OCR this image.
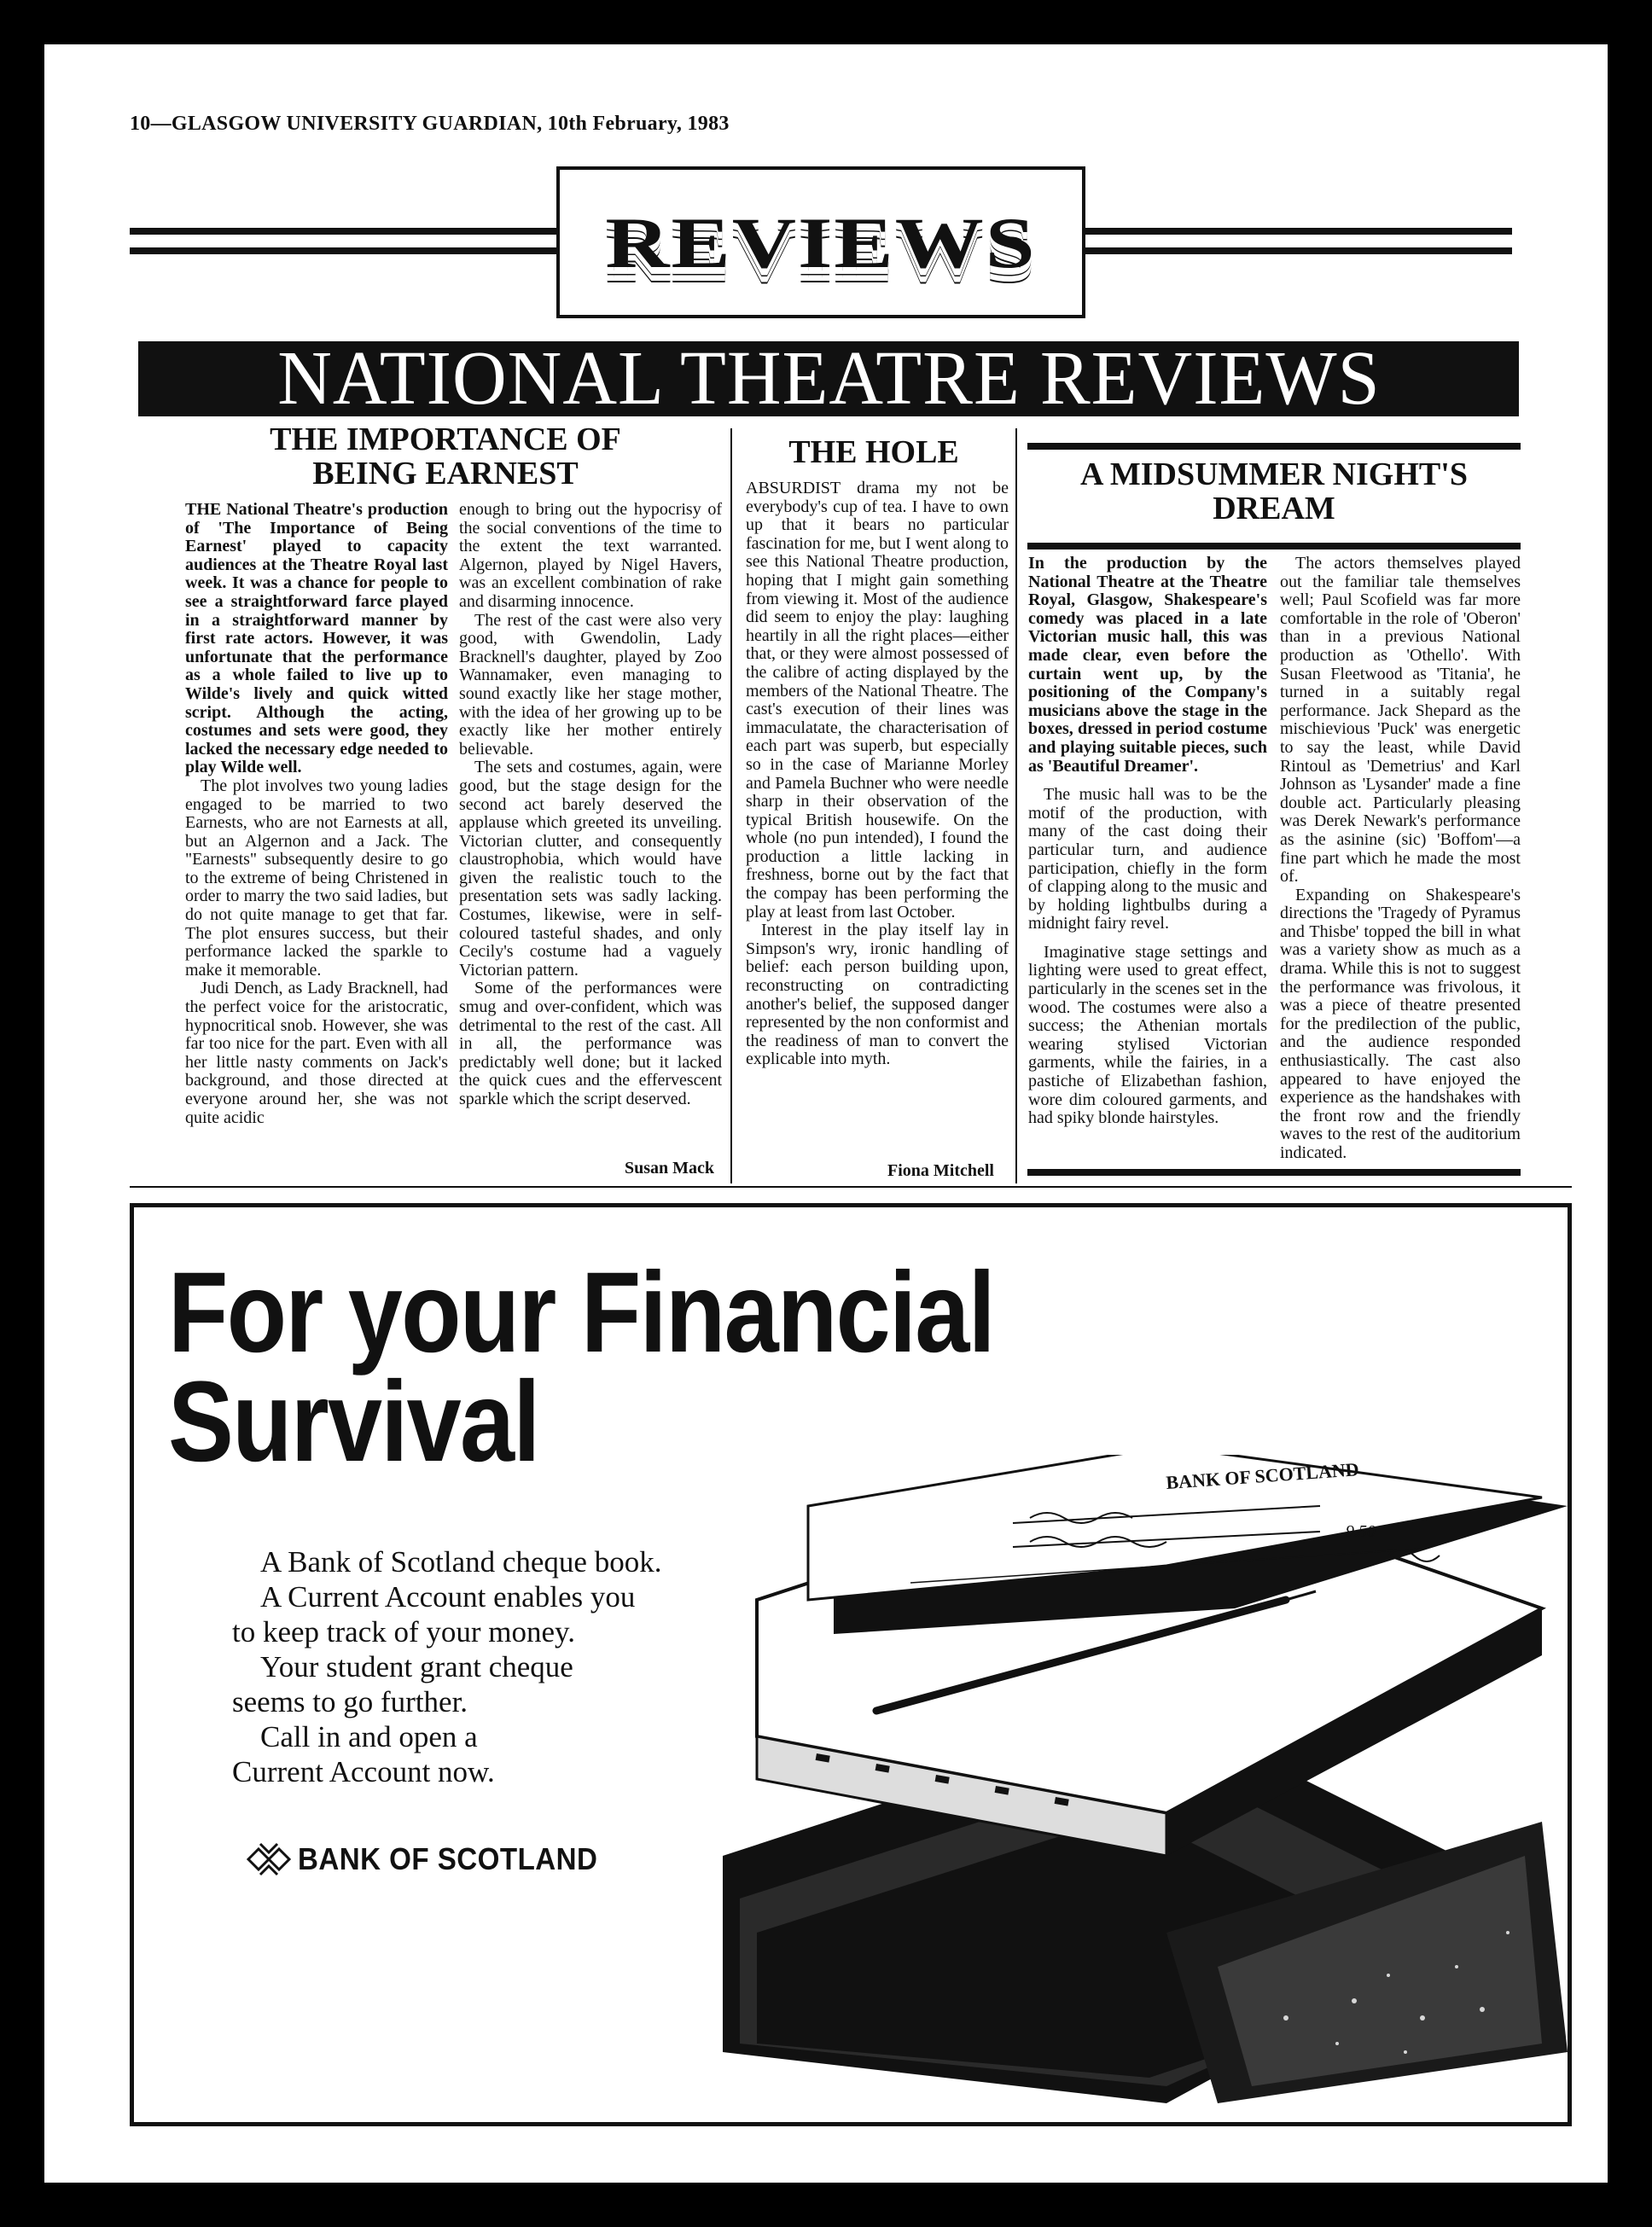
10—GLASGOW UNIVERSITY GUARDIAN, 10th February, 1983
REVIEWS
NATIONAL THEATRE REVIEWS
THE IMPORTANCE OF
BEING EARNEST

THE National Theatre's production of 'The Importance of Being Earnest' played to capacity audiences at the Theatre Royal last week. It was a chance for people to see a straightforward farce played in a straightforward manner by first rate actors. However, it was unfortunate that the performance as a whole failed to live up to Wilde's lively and quick witted script. Although the acting, costumes and sets were good, they lacked the necessary edge needed to play Wilde well.

The plot involves two young ladies engaged to be married to two Earnests, who are not Earnests at all, but an Algernon and a Jack. The "Earnests" subsequently desire to go to the extreme of being Christened in order to marry the two said ladies, but do not quite manage to get that far. The plot ensures success, but their performance lacked the sparkle to make it memorable.

Judi Dench, as Lady Bracknell, had the perfect voice for the aristocratic, hypnocritical snob. However, she was far too nice for the part. Even with all her little nasty comments on Jack's background, and those directed at everyone around her, she was not quite acidic

enough to bring out the hypocrisy of the social conventions of the time to the extent the text warranted. Algernon, played by Nigel Havers, was an excellent combination of rake and disarming innocence.

The rest of the cast were also very good, with Gwendolin, Lady Bracknell's daughter, played by Zoo Wannamaker, even managing to sound exactly like her stage mother, with the idea of her growing up to be exactly like her mother entirely believable.

The sets and costumes, again, were good, but the stage design for the second act barely deserved the applause which greeted its unveiling. Victorian clutter, and consequently claustrophobia, which would have given the realistic touch to the presentation sets was sadly lacking. Costumes, likewise, were in self-coloured tasteful shades, and only Cecily's costume had a vaguely Victorian pattern.

Some of the performances were smug and over-confident, which was detrimental to the rest of the cast. All in all, the performance was predictably well done; but it lacked the quick cues and the effervescent sparkle which the script deserved.

Susan Mack
THE HOLE

ABSURDIST drama my not be everybody's cup of tea. I have to own up that it bears no particular fascination for me, but I went along to see this National Theatre production, hoping that I might gain something from viewing it. Most of the audience did seem to enjoy the play: laughing heartily in all the right places—either that, or they were almost possessed of the calibre of acting displayed by the members of the National Theatre. The cast's execution of their lines was immaculatate, the characterisation of each part was superb, but especially so in the case of Marianne Morley and Pamela Buchner who were needle sharp in their observation of the typical British housewife. On the whole (no pun intended), I found the production a little lacking in freshness, borne out by the fact that the compay has been performing the play at least from last October.

Interest in the play itself lay in Simpson's wry, ironic handling of belief: each person building upon, reconstructing on contradicting another's belief, the supposed danger represented by the non conformist and the readiness of man to convert the explicable into myth.

Fiona Mitchell
A MIDSUMMER NIGHT'S
DREAM

In the production by the National Theatre at the Theatre Royal, Glasgow, Shakespeare's comedy was placed in a late Victorian music hall, this was made clear, even before the curtain went up, by the positioning of the Company's musicians above the stage in the boxes, dressed in period costume and playing suitable pieces, such as 'Beautiful Dreamer'.

The music hall was to be the motif of the production, with many of the cast doing their particular turn, and audience participation, chiefly in the form of clapping along to the music and by holding lightbulbs during a midnight fairy revel.

Imaginative stage settings and lighting were used to great effect, particularly in the scenes set in the wood. The costumes were also a success; the Athenian mortals wearing stylised Victorian garments, while the fairies, in a pastiche of Elizabethan fashion, wore dim coloured garments, and had spiky blonde hairstyles.

The actors themselves played out the familiar tale themselves well; Paul Scofield was far more comfortable in the role of 'Oberon' than in a previous National production as 'Othello'. With Susan Fleetwood as 'Titania', he turned in a suitably regal performance. Jack Shepard as the mischievious 'Puck' was energetic to say the least, while David Rintoul as 'Demetrius' and Karl Johnson as 'Lysander' made a fine double act. Particularly pleasing was Derek Newark's performance as the asinine (sic) 'Boffom'—a fine part which he made the most of.

Expanding on Shakespeare's directions the 'Tragedy of Pyramus and Thisbe' topped the bill in what was a variety show as much as a drama. While this is not to suggest the performance was frivolous, it was a piece of theatre presented for the predilection of the public, and the audience responded enthusiastically. The cast also appeared to have enjoyed the experience as the handshakes with the front row and the friendly waves to the rest of the auditorium indicated.

For your Financial
Survival
A Bank of Scotland cheque book.
A Current Account enables you
to keep track of your money.
Your student grant cheque
seems to go further.
Call in and open a
Current Account now.
BANK OF SCOTLAND
BANK OF SCOTLAND
9.50
